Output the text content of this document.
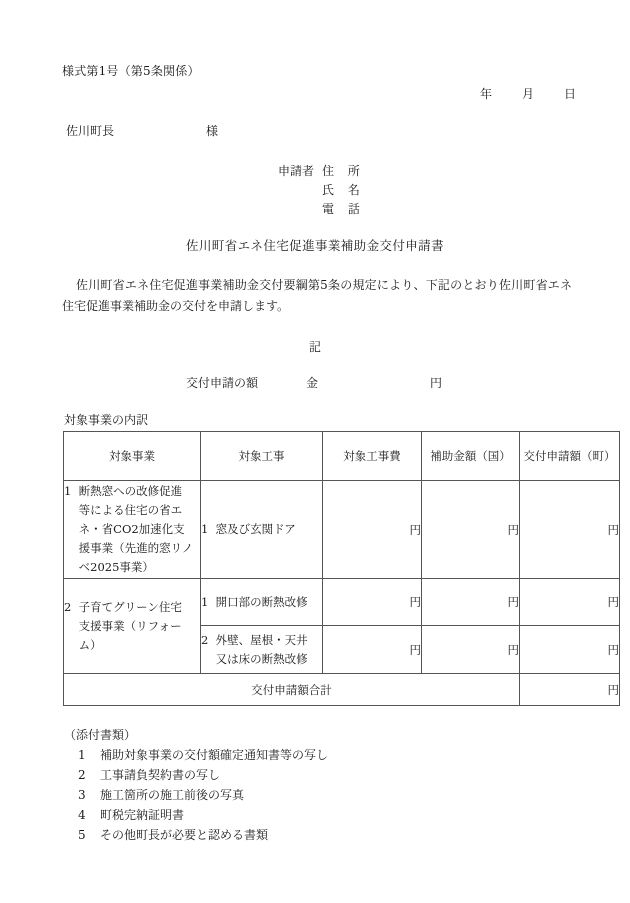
様式第1号（第5条関係）
年	月	日
佐川町長	様
申請者 住 所
氏 名
電 話
佐川町省エネ住宅促進事業補助金交付申請書
佐川町省エネ住宅促進事業補助金交付要綱第5条の規定により、下記のとおり佐川町省エネ住宅促進事業補助金の交付を申請します。
記
交付申請の額	金	円
対象事業の内訳
対象事業	対象工事	対象工事費	補助金額（国）	交付申請額（町）

1 断熱窓への改修促進
等による住宅の省エ
ネ・省CO2加速化支
援事業（先進的窓リノ
ベ2025事業）	1 窓及び玄関ドア	円	円	円

2 子育てグリーン住宅
支援事業（リフォー
ム）	1 開口部の断熱改修	円	円	円

	2 外壁、屋根・天井
又は床の断熱改修	円	円	円
交付申請額合計				円
（添付書類）
1 補助対象事業の交付額確定通知書等の写し
2 工事請負契約書の写し
3 施工箇所の施工前後の写真
4 町税完納証明書
5 その他町長が必要と認める書類
